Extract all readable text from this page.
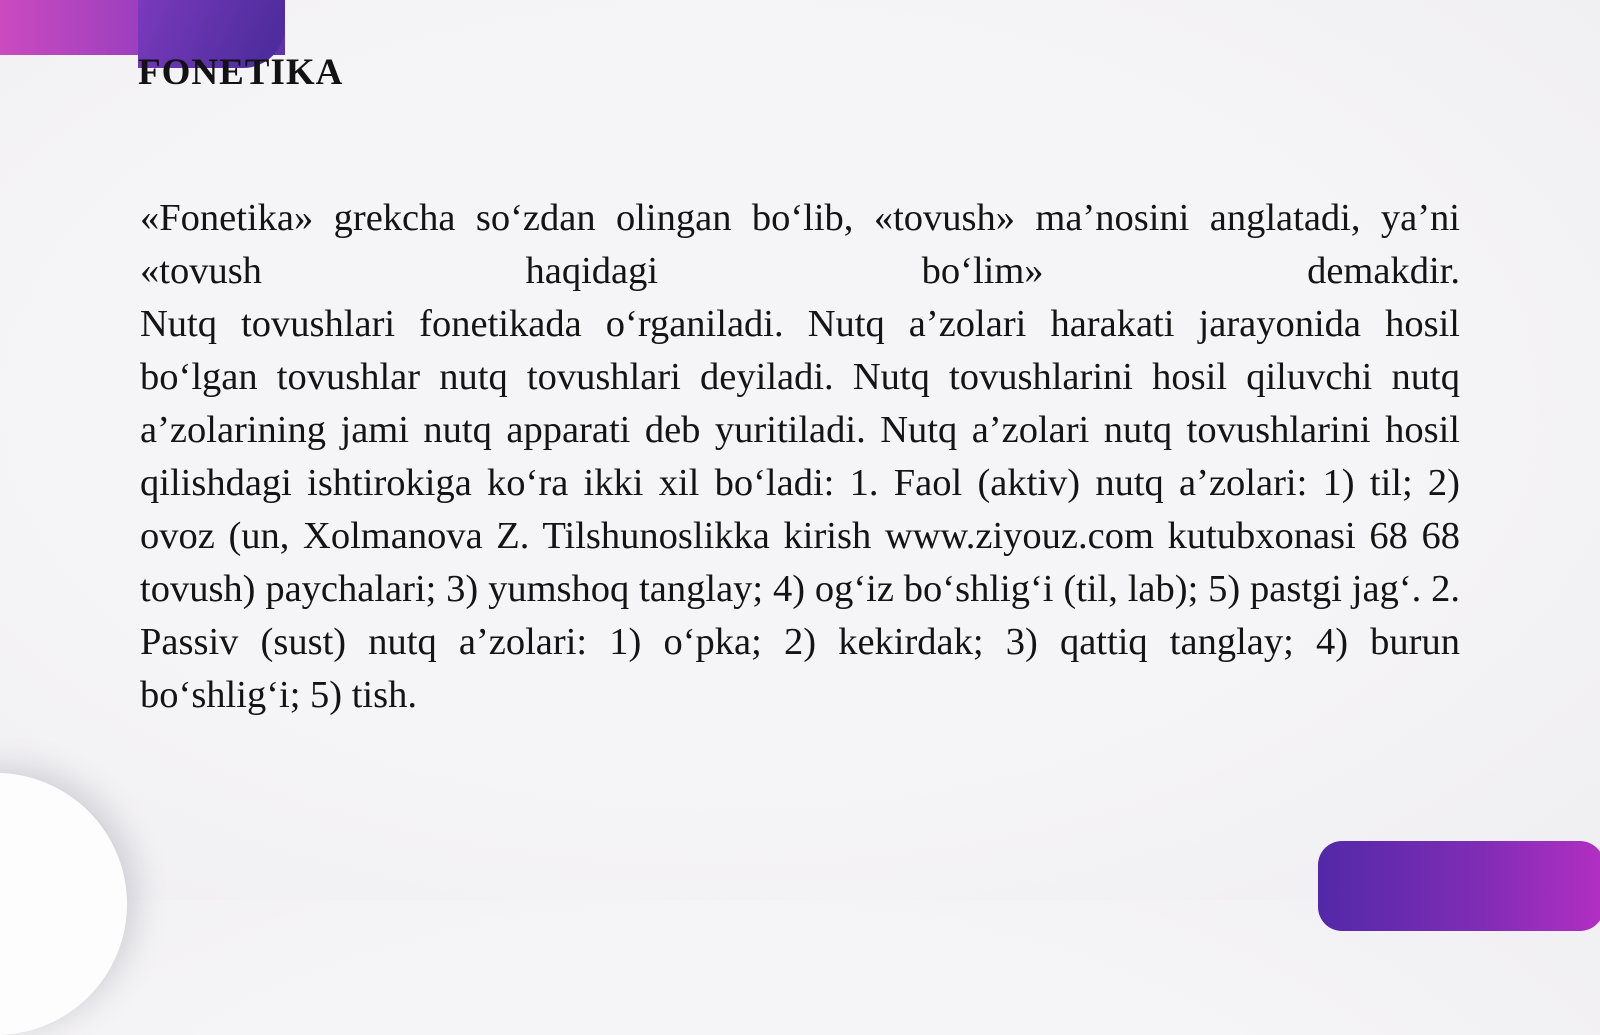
FONETIKA

«Fonetika» grekcha so‘zdan olingan bo‘lib, «tovush» ma’nosini anglatadi, ya’ni «tovush haqidagi bo‘lim» demakdir.

Nutq tovushlari fonetikada o‘rganiladi. Nutq a’zolari harakati jarayonida hosil bo‘lgan tovushlar nutq tovushlari deyiladi. Nutq tovushlarini hosil qiluvchi nutq a’zolarining jami nutq apparati deb yuritiladi. Nutq a’zolari nutq tovushlarini hosil qilishdagi ishtirokiga ko‘ra ikki xil bo‘ladi: 1. Faol (aktiv) nutq a’zolari: 1) til; 2) ovoz (un, Xolmanova Z. Tilshunoslikka kirish www.ziyouz.com kutubxonasi 68 68 tovush) paychalari; 3) yumshoq tanglay; 4) og‘iz bo‘shlig‘i (til, lab); 5) pastgi jag‘. 2. Passiv (sust) nutq a’zolari: 1) o‘pka; 2) kekirdak; 3) qattiq tanglay; 4) burun bo‘shlig‘i; 5) tish.
